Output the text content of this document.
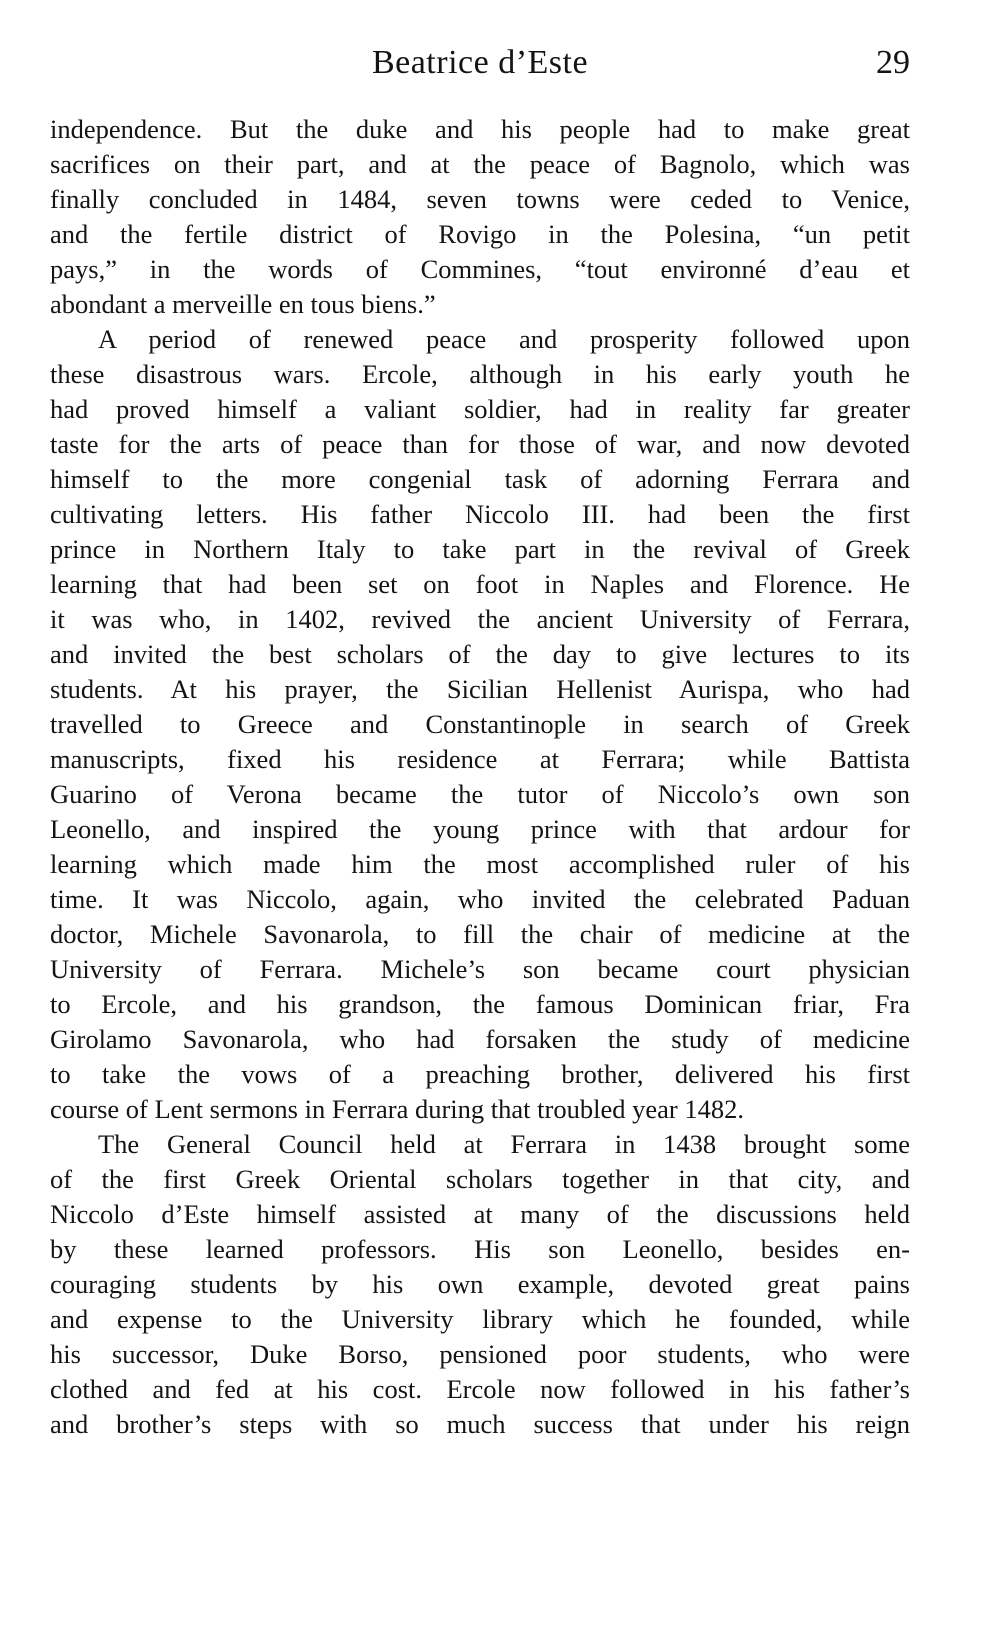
Beatrice d’Este	29
independence. But the duke and his people had to make great
sacrifices on their part, and at the peace of Bagnolo, which was
finally concluded in 1484, seven towns were ceded to Venice,
and the fertile district of Rovigo in the Polesina, “un petit
pays,” in the words of Commines, “tout environné d’eau et
abondant a merveille en tous biens.”
A period of renewed peace and prosperity followed upon
these disastrous wars. Ercole, although in his early youth he
had proved himself a valiant soldier, had in reality far greater
taste for the arts of peace than for those of war, and now devoted
himself to the more congenial task of adorning Ferrara and
cultivating letters. His father Niccolo III. had been the first
prince in Northern Italy to take part in the revival of Greek
learning that had been set on foot in Naples and Florence. He
it was who, in 1402, revived the ancient University of Ferrara,
and invited the best scholars of the day to give lectures to its
students. At his prayer, the Sicilian Hellenist Aurispa, who had
travelled to Greece and Constantinople in search of Greek
manuscripts, fixed his residence at Ferrara; while Battista
Guarino of Verona became the tutor of Niccolo’s own son
Leonello, and inspired the young prince with that ardour for
learning which made him the most accomplished ruler of his
time. It was Niccolo, again, who invited the celebrated Paduan
doctor, Michele Savonarola, to fill the chair of medicine at the
University of Ferrara. Michele’s son became court physician
to Ercole, and his grandson, the famous Dominican friar, Fra
Girolamo Savonarola, who had forsaken the study of medicine
to take the vows of a preaching brother, delivered his first
course of Lent sermons in Ferrara during that troubled year 1482.
The General Council held at Ferrara in 1438 brought some
of the first Greek Oriental scholars together in that city, and
Niccolo d’Este himself assisted at many of the discussions held
by these learned professors. His son Leonello, besides en-
couraging students by his own example, devoted great pains
and expense to the University library which he founded, while
his successor, Duke Borso, pensioned poor students, who were
clothed and fed at his cost. Ercole now followed in his father’s
and brother’s steps with so much success that under his reign
